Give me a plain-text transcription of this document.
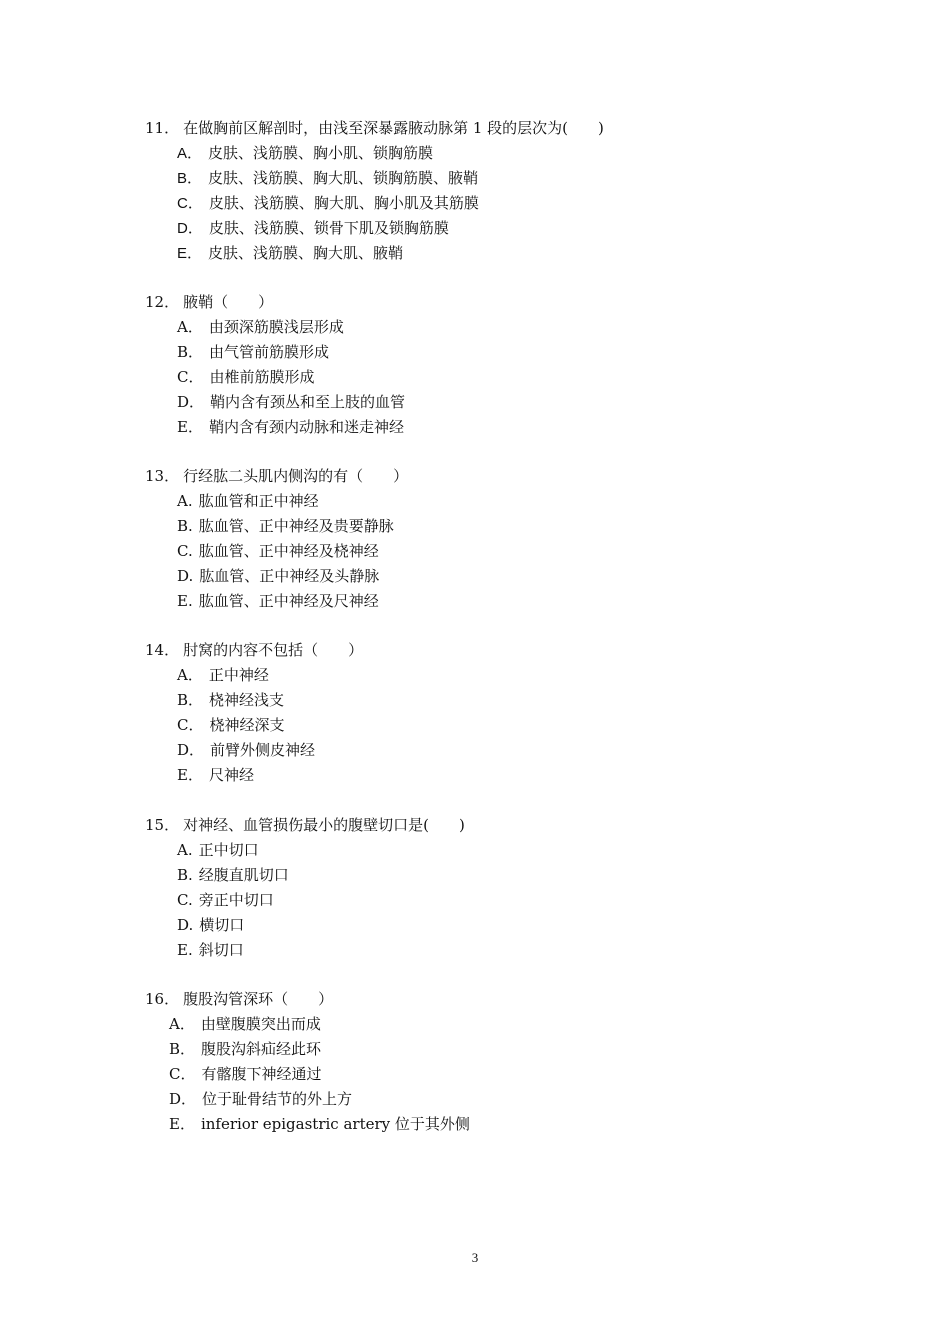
11． 在做胸前区解剖时，由浅至深暴露腋动脉第 1 段的层次为(　　)
A． 皮肤、浅筋膜、胸小肌、锁胸筋膜
B． 皮肤、浅筋膜、胸大肌、锁胸筋膜、腋鞘
C． 皮肤、浅筋膜、胸大肌、胸小肌及其筋膜
D． 皮肤、浅筋膜、锁骨下肌及锁胸筋膜
E． 皮肤、浅筋膜、胸大肌、腋鞘
12． 腋鞘（　　）
A． 由颈深筋膜浅层形成
B． 由气管前筋膜形成
C． 由椎前筋膜形成
D． 鞘内含有颈丛和至上肢的血管
E． 鞘内含有颈内动脉和迷走神经
13． 行经肱二头肌内侧沟的有（　　）
A. 肱血管和正中神经
B. 肱血管、正中神经及贵要静脉
C. 肱血管、正中神经及桡神经
D. 肱血管、正中神经及头静脉
E. 肱血管、正中神经及尺神经
14． 肘窝的内容不包括（　　）
A． 正中神经
B． 桡神经浅支
C． 桡神经深支
D． 前臂外侧皮神经
E． 尺神经
15． 对神经、血管损伤最小的腹壁切口是(　　)
A. 正中切口
B. 经腹直肌切口
C. 旁正中切口
D. 横切口
E. 斜切口
16． 腹股沟管深环（　　）
A． 由壁腹膜突出而成
B． 腹股沟斜疝经此环
C． 有髂腹下神经通过
D． 位于耻骨结节的外上方
E． inferior epigastric artery 位于其外侧
3
